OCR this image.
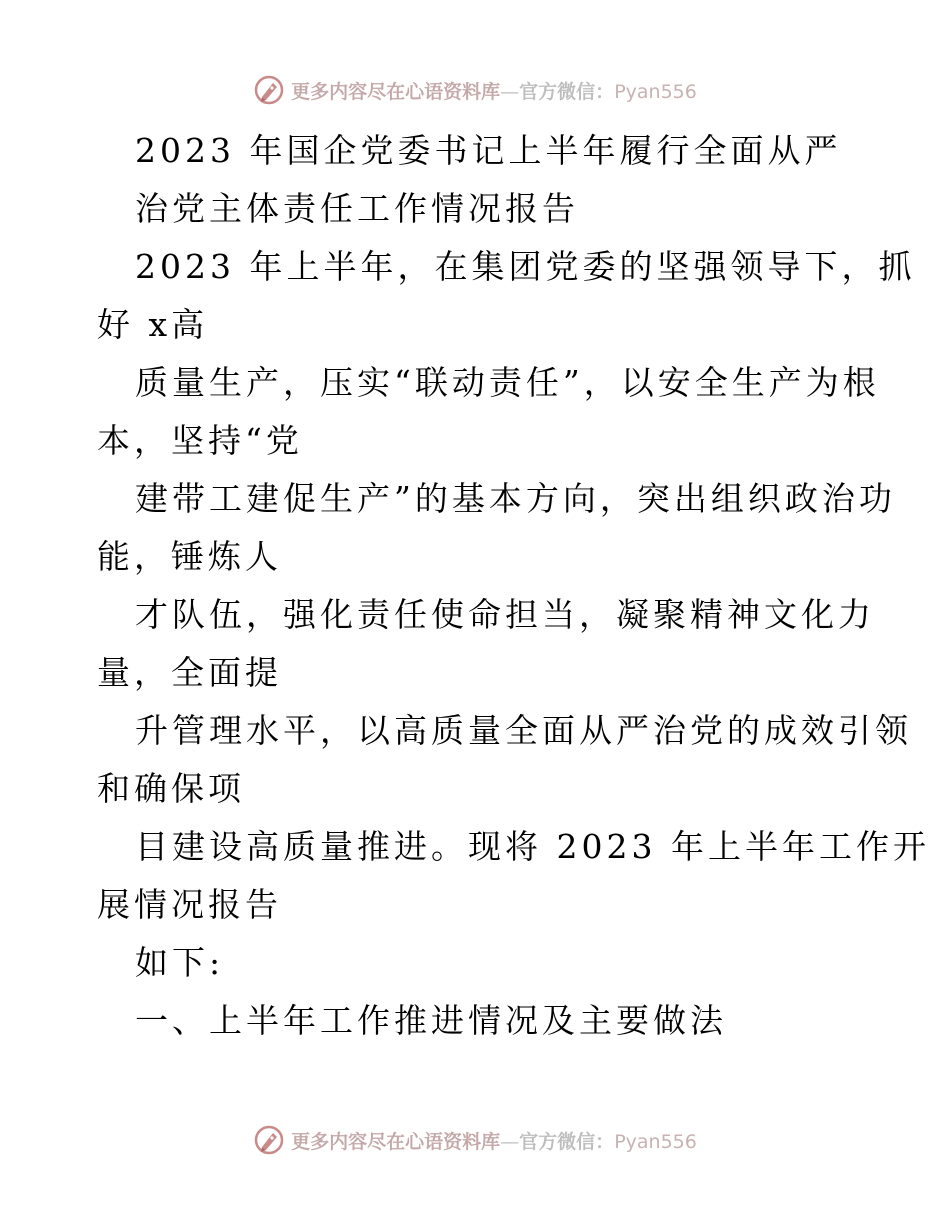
更多内容尽在心语资料库—官方微信：Pyan556
2023 年国企党委书记上半年履行全面从严
治党主体责任工作情况报告
2023 年上半年，在集团党委的坚强领导下，抓
好 x高
质量生产，压实“联动责任”，以安全生产为根
本，坚持“党
建带工建促生产”的基本方向，突出组织政治功
能，锤炼人
才队伍，强化责任使命担当，凝聚精神文化力
量，全面提
升管理水平，以高质量全面从严治党的成效引领
和确保项
目建设高质量推进。现将 2023 年上半年工作开
展情况报告
如下:
一、上半年工作推进情况及主要做法
更多内容尽在心语资料库—官方微信：Pyan556
